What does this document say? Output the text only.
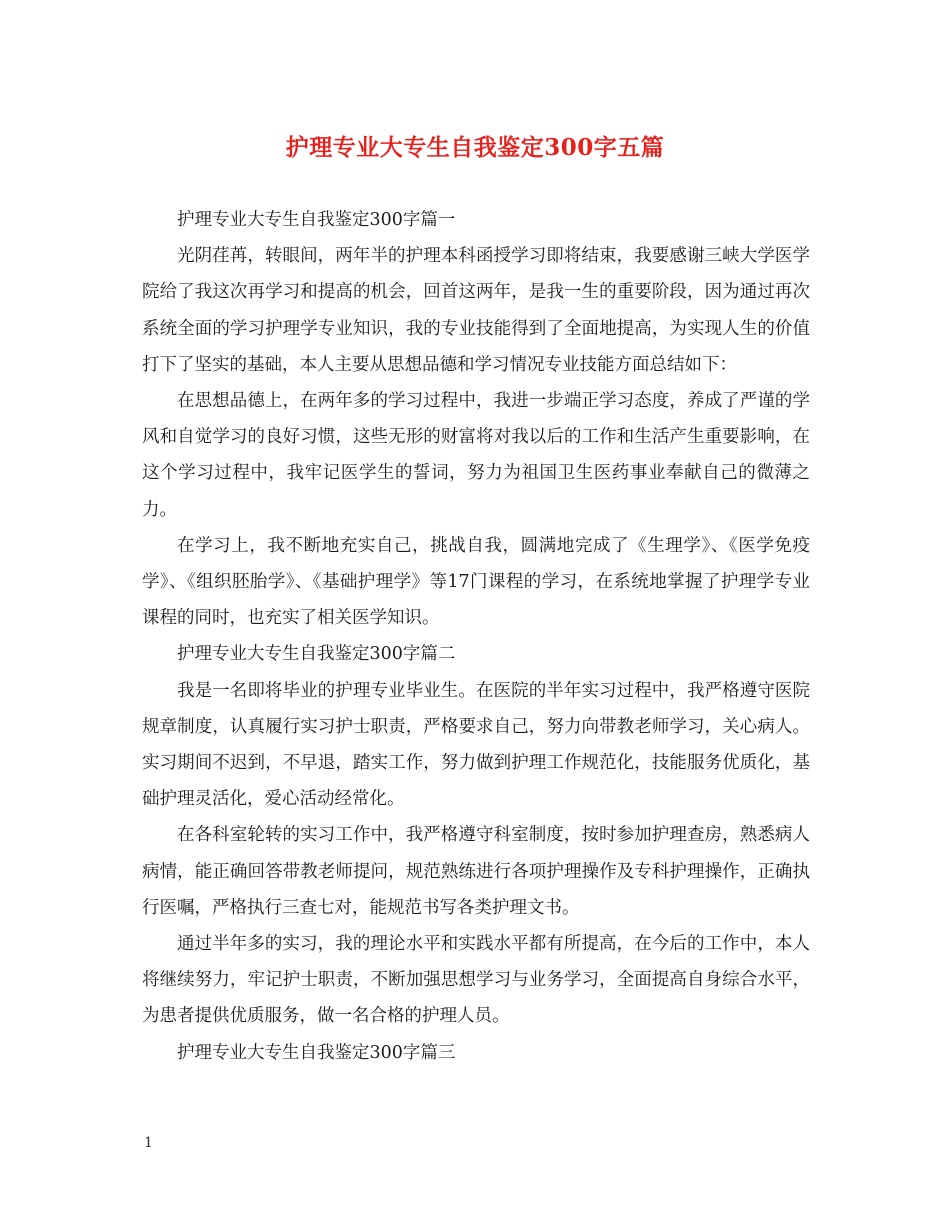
护理专业大专生自我鉴定300字五篇

护理专业大专生自我鉴定300字篇一

光阴荏苒，转眼间，两年半的护理本科函授学习即将结束，我要感谢三峡大学医学院给了我这次再学习和提高的机会，回首这两年，是我一生的重要阶段，因为通过再次系统全面的学习护理学专业知识，我的专业技能得到了全面地提高，为实现人生的价值打下了坚实的基础，本人主要从思想品德和学习情况专业技能方面总结如下：

在思想品德上，在两年多的学习过程中，我进一步端正学习态度，养成了严谨的学风和自觉学习的良好习惯，这些无形的财富将对我以后的工作和生活产生重要影响，在这个学习过程中，我牢记医学生的誓词，努力为祖国卫生医药事业奉献自己的微薄之力。

在学习上，我不断地充实自己，挑战自我，圆满地完成了《生理学》、《医学免疫学》、《组织胚胎学》、《基础护理学》等17门课程的学习，在系统地掌握了护理学专业课程的同时，也充实了相关医学知识。

护理专业大专生自我鉴定300字篇二

我是一名即将毕业的护理专业毕业生。在医院的半年实习过程中，我严格遵守医院规章制度，认真履行实习护士职责，严格要求自己，努力向带教老师学习，关心病人。实习期间不迟到，不早退，踏实工作，努力做到护理工作规范化，技能服务优质化，基础护理灵活化，爱心活动经常化。

在各科室轮转的实习工作中，我严格遵守科室制度，按时参加护理查房，熟悉病人病情，能正确回答带教老师提问，规范熟练进行各项护理操作及专科护理操作，正确执行医嘱，严格执行三查七对，能规范书写各类护理文书。

通过半年多的实习，我的理论水平和实践水平都有所提高，在今后的工作中，本人将继续努力，牢记护士职责，不断加强思想学习与业务学习，全面提高自身综合水平，为患者提供优质服务，做一名合格的护理人员。

护理专业大专生自我鉴定300字篇三

1
